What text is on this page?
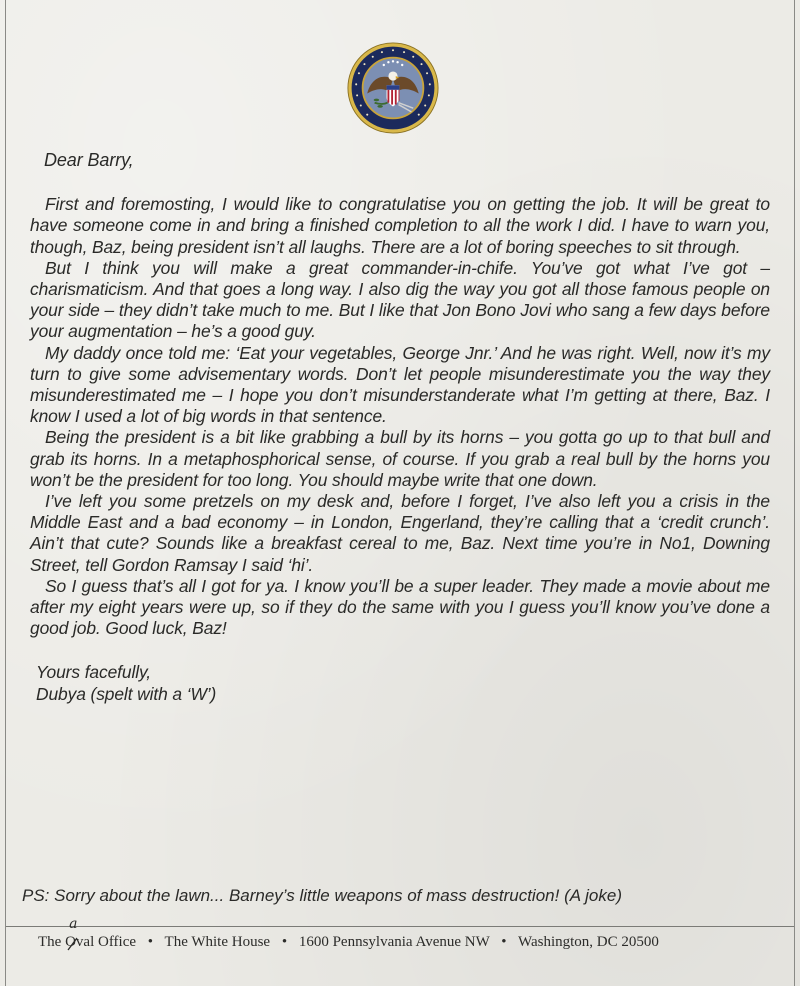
Dear Barry,

First and foremosting, I would like to congratulatise you on getting the job. It will be great to have someone come in and bring a finished completion to all the work I did. I have to warn you, though, Baz, being president isn’t all laughs. There are a lot of boring speeches to sit through.

But I think you will make a great commander-in-chife. You’ve got what I’ve got – charismaticism. And that goes a long way. I also dig the way you got all those famous people on your side – they didn’t take much to me. But I like that Jon Bono Jovi who sang a few days before your augmentation – he’s a good guy.

My daddy once told me: ‘Eat your vegetables, George Jnr.’ And he was right. Well, now it’s my turn to give some advisementary words. Don’t let people misunderestimate you the way they misunderestimated me – I hope you don’t misunderstanderate what I’m getting at there, Baz. I know I used a lot of big words in that sentence.

Being the president is a bit like grabbing a bull by its horns – you gotta go up to that bull and grab its horns. In a metaphosphorical sense, of course. If you grab a real bull by the horns you won’t be the president for too long. You should maybe write that one down.

I’ve left you some pretzels on my desk and, before I forget, I’ve also left you a crisis in the Middle East and a bad economy – in London, Engerland, they’re calling that a ‘credit crunch’. Ain’t that cute? Sounds like a breakfast cereal to me, Baz. Next time you’re in No1, Downing Street, tell Gordon Ramsay I said ‘hi’.

So I guess that’s all I got for ya. I know you’ll be a super leader. They made a movie about me after my eight years were up, so if they do the same with you I guess you’ll know you’ve done a good job. Good luck, Baz!

Yours facefully,
Dubya (spelt with a ‘W’)
PS: Sorry about the lawn... Barney’s little weapons of mass destruction! (A joke)
The Oval
a
Office • The White House • 1600 Pennsylvania Avenue NW • Washington, DC 20500
